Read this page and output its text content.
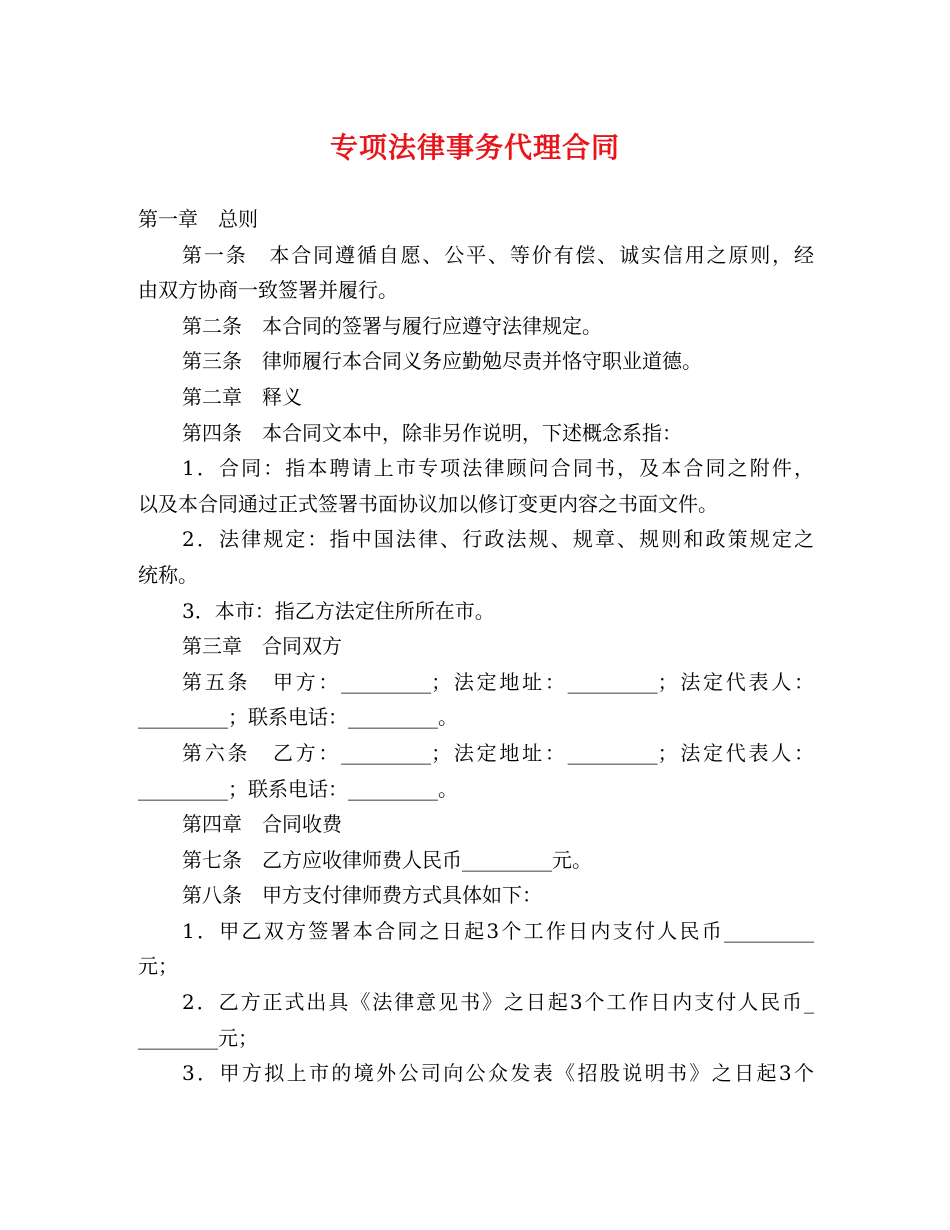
专项法律事务代理合同

第一章　总则

第一条　本合同遵循自愿、公平、等价有偿、诚实信用之原则，经

由双方协商一致签署并履行。

第二条　本合同的签署与履行应遵守法律规定。

第三条　律师履行本合同义务应勤勉尽责并恪守职业道德。

第二章　释义

第四条　本合同文本中，除非另作说明，下述概念系指：

1．合同：指本聘请上市专项法律顾问合同书，及本合同之附件，

以及本合同通过正式签署书面协议加以修订变更内容之书面文件。

2．法律规定：指中国法律、行政法规、规章、规则和政策规定之

统称。

3．本市：指乙方法定住所所在市。

第三章　合同双方

第五条　甲方：_________；法定地址：_________；法定代表人：

_________；联系电话：_________。

第六条　乙方：_________；法定地址：_________；法定代表人：

_________；联系电话：_________。

第四章　合同收费

第七条　乙方应收律师费人民币_________元。

第八条　甲方支付律师费方式具体如下：

1．甲乙双方签署本合同之日起3个工作日内支付人民币_________

元；

2．乙方正式出具《法律意见书》之日起3个工作日内支付人民币_

________元；

3．甲方拟上市的境外公司向公众发表《招股说明书》之日起3个
